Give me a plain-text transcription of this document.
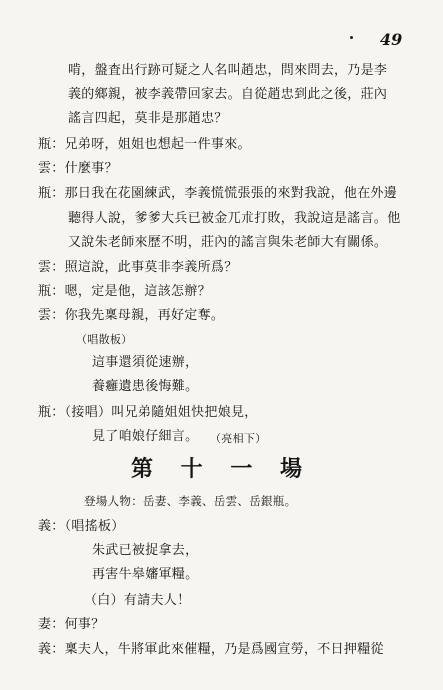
49
啃，盤査出行跡可疑之人名叫趙忠，問來問去，乃是李
義的鄉親，被李義帶回家去。自從趙忠到此之後，莊內
謠言四起，莫非是那趙忠？
瓶：兄弟呀，姐姐也想起一件事來。
雲：什麼事？
瓶：那日我在花園練武，李義慌慌張張的來對我說，他在外邊
聽得人說，爹爹大兵已被金兀朮打敗，我說這是謠言。他
又說朱老師來歷不明，莊內的謠言與朱老師大有關係。
雲：照這說，此事莫非李義所爲？
瓶：嗯，定是他，這該怎辦？
雲：你我先稟母親，再好定奪。
（唱散板）
這事還須從速辦，
養癰遺患後悔難。
瓶：（接唱）叫兄弟隨姐姐快把娘見，
見了咱娘仔細言。	（亮相下）
第 十 一 場
登場人物：岳妻、李義、岳雲、岳銀瓶。
義：（唱搖板）
朱武已被捉拿去，
再害牛皋嬸軍糧。
（白）有請夫人！
妻：何事？
義：稟夫人，牛將軍此來催糧，乃是爲國宣勞，不日押糧從
